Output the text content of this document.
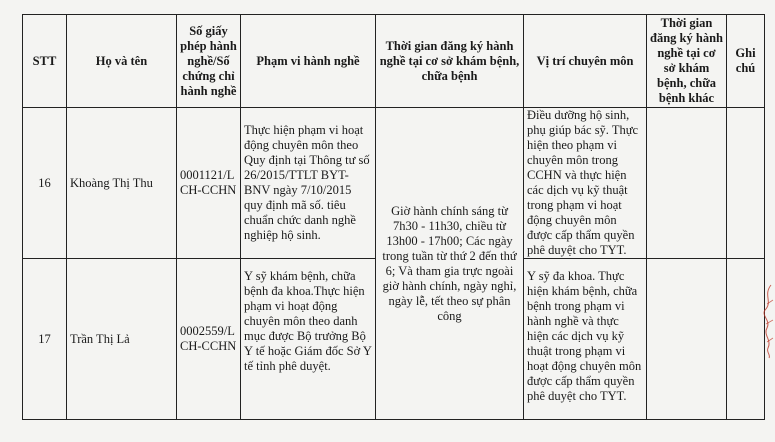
STT	Họ và tên	Số giấy phép hành nghề/Số chứng chỉ hành nghề	Phạm vi hành nghề	Thời gian đăng ký hành nghề tại cơ sở khám bệnh, chữa bệnh	Vị trí chuyên môn	Thời gian đăng ký hành nghề tại cơ sở khám bệnh, chữa bệnh khác	Ghi chú
16	Khoàng Thị Thu	0001121/L CH-CCHN	Thực hiện phạm vi hoạt động chuyên môn theo Quy định tại Thông tư số 26/2015/TTLT BYT-BNV ngày 7/10/2015 quy định mã số. tiêu chuẩn chức danh nghề nghiệp hộ sinh.	Giờ hành chính sáng từ 7h30 - 11h30, chiều từ 13h00 - 17h00; Các ngày trong tuần từ thứ 2 đến thứ 6; Và tham gia trực ngoài giờ hành chính, ngày nghỉ, ngày lễ, tết theo sự phân công	Điều dưỡng hộ sinh, phụ giúp bác sỹ. Thực hiện theo phạm vi chuyên môn trong CCHN và thực hiện các dịch vụ kỹ thuật trong phạm vi hoạt động chuyên môn được cấp thẩm quyền phê duyệt cho TYT.		
17	Trần Thị Lả	0002559/L CH-CCHN	Y sỹ khám bệnh, chữa bệnh đa khoa.Thực hiện phạm vi hoạt động chuyên môn theo danh mục được Bộ trưởng Bộ Y tế hoặc Giám đốc Sở Y tế tỉnh phê duyệt.		Y sỹ đa khoa. Thực hiện khám bệnh, chữa bệnh trong phạm vi hành nghề và thực hiện các dịch vụ kỹ thuật trong phạm vi hoạt động chuyên môn được cấp thẩm quyền phê duyệt cho TYT.		
